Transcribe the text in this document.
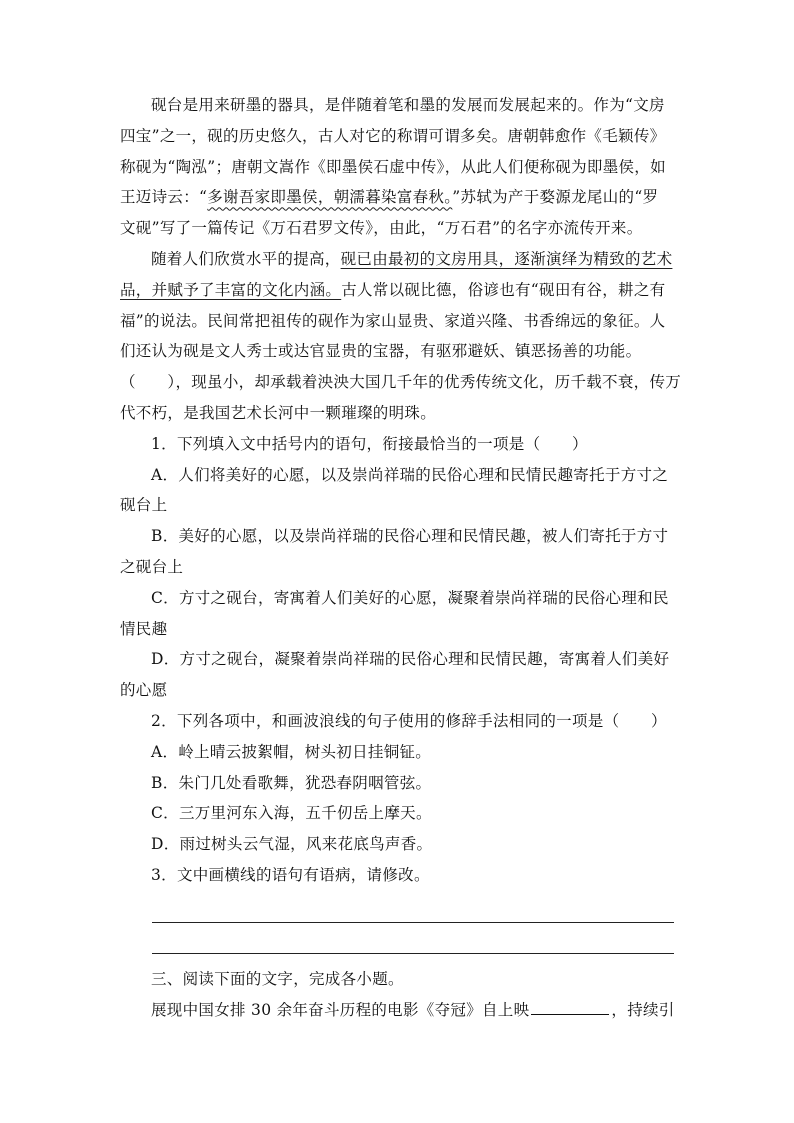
砚台是用来研墨的器具，是伴随着笔和墨的发展而发展起来的。作为“文房
四宝”之一，砚的历史悠久，古人对它的称谓可谓多矣。唐朝韩愈作《毛颖传》
称砚为“陶泓”；唐朝文嵩作《即墨侯石虚中传》，从此人们便称砚为即墨侯，如
王迈诗云：“多谢吾家即墨侯，朝濡暮染富春秋。”苏轼为产于婺源龙尾山的“罗
文砚”写了一篇传记《万石君罗文传》，由此，“万石君”的名字亦流传开来。
随着人们欣赏水平的提高，砚已由最初的文房用具，逐渐演绎为精致的艺术
品，并赋予了丰富的文化内涵。古人常以砚比德，俗谚也有“砚田有谷，耕之有
福”的说法。民间常把祖传的砚作为家山显贵、家道兴隆、书香绵远的象征。人
们还认为砚是文人秀士或达官显贵的宝器，有驱邪避妖、镇恶扬善的功能。
（　　），现虽小，却承载着泱泱大国几千年的优秀传统文化，历千载不衰，传万
代不朽，是我国艺术长河中一颗璀璨的明珠。
1．下列填入文中括号内的语句，衔接最恰当的一项是（　　）
A．人们将美好的心愿，以及崇尚祥瑞的民俗心理和民情民趣寄托于方寸之
砚台上
B．美好的心愿，以及崇尚祥瑞的民俗心理和民情民趣，被人们寄托于方寸
之砚台上
C．方寸之砚台，寄寓着人们美好的心愿，凝聚着崇尚祥瑞的民俗心理和民
情民趣
D．方寸之砚台，凝聚着崇尚祥瑞的民俗心理和民情民趣，寄寓着人们美好
的心愿
2．下列各项中，和画波浪线的句子使用的修辞手法相同的一项是（　　）
A．岭上晴云披絮帽，树头初日挂铜钲。
B．朱门几处看歌舞，犹恐春阴咽管弦。
C．三万里河东入海，五千仞岳上摩天。
D．雨过树头云气湿，风来花底鸟声香。
3．文中画横线的语句有语病，请修改。
三、阅读下面的文字，完成各小题。
展现中国女排 30 余年奋斗历程的电影《夺冠》自上映	，持续引
